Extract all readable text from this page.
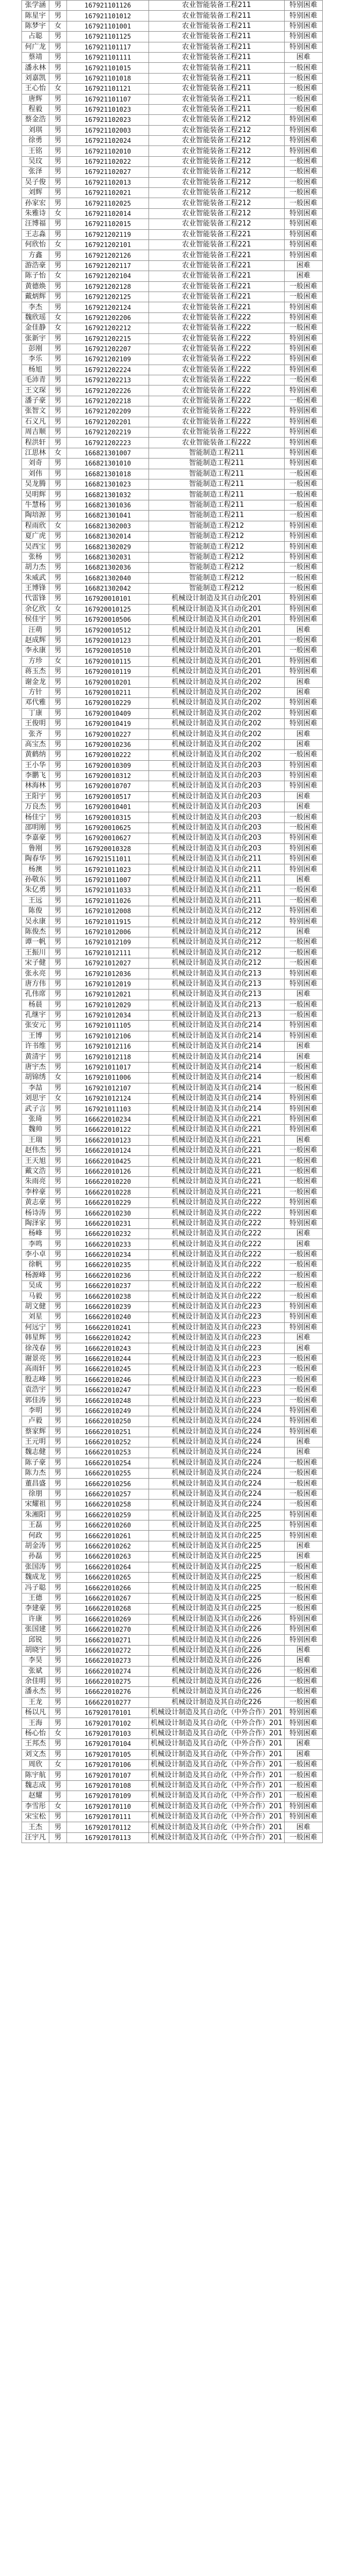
张学涵	男	167921101126	农业智能装备工程211	特别困难
陈星宇	男	167921101012	农业智能装备工程211	特别困难
陈梦宇	女	167921101001	农业智能装备工程211	特别困难
占聪	男	167921101125	农业智能装备工程211	特别困难
何广龙	男	167921101117	农业智能装备工程211	特别困难
蔡靖	男	167921101111	农业智能装备工程211	困难
潘永林	男	167921101015	农业智能装备工程211	一般困难
刘嘉凯	男	167921101018	农业智能装备工程211	一般困难
王心怡	女	167921101121	农业智能装备工程211	一般困难
唐辉	男	167921101107	农业智能装备工程211	一般困难
程毅	男	167921101023	农业智能装备工程211	一般困难
蔡金浩	男	167921102023	农业智能装备工程212	特别困难
刘琪	男	167921102003	农业智能装备工程212	特别困难
徐勇	男	167921102024	农业智能装备工程212	特别困难
王铭	男	167921102010	农业智能装备工程212	特别困难
吴玟	男	167921102022	农业智能装备工程212	一般困难
张泽	男	167921102027	农业智能装备工程212	一般困难
吴子俊	男	167921102013	农业智能装备工程212	一般困难
刘辉	男	167921102021	农业智能装备工程212	一般困难
孙家宏	男	167921102025	农业智能装备工程212	一般困难
朱雅诗	女	167921102014	农业智能装备工程212	特别困难
汪博福	男	167921102015	农业智能装备工程212	特别困难
王志淼	男	167921202119	农业智能装备工程221	特别困难
何欣怡	女	167921202101	农业智能装备工程221	特别困难
方鑫	男	167921202126	农业智能装备工程221	特别困难
游浩豪	男	167921202117	农业智能装备工程221	困难
陈子怡	女	167921202104	农业智能装备工程221	困难
黄德焕	男	167921202128	农业智能装备工程221	一般困难
戴炳辉	男	167921202125	农业智能装备工程221	一般困难
李杰	男	167921202124	农业智能装备工程221	特别困难
魏欣瑶	女	167921202206	农业智能装备工程222	特别困难
金佳静	女	167921202212	农业智能装备工程222	一般困难
张新宇	男	167921202215	农业智能装备工程222	特别困难
彭刚	男	167921202207	农业智能装备工程222	特别困难
李乐	男	167921202109	农业智能装备工程222	特别困难
杨旭	男	167921202224	农业智能装备工程222	特别困难
毛沛青	男	167921202213	农业智能装备工程222	一般困难
王文琛	男	167921202226	农业智能装备工程222	特别困难
潘子豪	男	167921202218	农业智能装备工程222	一般困难
张智文	男	167921202209	农业智能装备工程222	特别困难
石义凡	男	167921202201	农业智能装备工程222	特别困难
周吉顺	男	167921202219	农业智能装备工程222	特别困难
程洪轩	男	167921202223	农业智能装备工程222	特别困难
江思林	女	166821301007	智能制造工程211	特别困难
刘奇	男	166821301010	智能制造工程211	特别困难
刘伟	男	166821301018	智能制造工程211	一般困难
吴龙腾	男	166821301023	智能制造工程211	一般困难
吴明辉	男	166821301032	智能制造工程211	一般困难
牛慧杨	男	166821301036	智能制造工程211	一般困难
陶培源	男	166821301041	智能制造工程211	一般困难
程雨欣	女	166821302003	智能制造工程212	特别困难
夏广虎	男	166821302014	智能制造工程212	特别困难
吴西宝	男	166821302029	智能制造工程212	特别困难
张杨	男	166821302031	智能制造工程212	特别困难
胡力杰	男	166821302036	智能制造工程212	一般困难
朱威武	男	166821302040	智能制造工程212	一般困难
王博锋	男	166821302042	智能制造工程212	一般困难
代雷锋	男	167920010101	机械设计制造及其自动化201	特别困难
余亿欣	女	167920010125	机械设计制造及其自动化201	特别困难
侯佳宇	男	167920010506	机械设计制造及其自动化201	特别困难
汪萌	男	167920010512	机械设计制造及其自动化201	困难
赵成辉	男	167920010123	机械设计制造及其自动化201	一般困难
李永康	男	167920010510	机械设计制造及其自动化201	一般困难
方珍	女	167920010115	机械设计制造及其自动化201	特别困难
蒋玉杰	男	167920010119	机械设计制造及其自动化201	特别困难
谢金龙	男	167920010201	机械设计制造及其自动化202	困难
方针	男	167920010211	机械设计制造及其自动化202	困难
邓代雅	男	167920010229	机械设计制造及其自动化202	特别困难
丁康	男	167920010409	机械设计制造及其自动化202	特别困难
王俊明	男	167920010419	机械设计制造及其自动化202	特别困难
张齐	男	167920010227	机械设计制造及其自动化202	困难
高宝杰	男	167920010236	机械设计制造及其自动化202	困难
黄鹤纳	男	167920010222	机械设计制造及其自动化202	一般困难
王小华	男	167920010309	机械设计制造及其自动化203	特别困难
李鹏飞	男	167920010312	机械设计制造及其自动化203	特别困难
林海林	男	167920010707	机械设计制造及其自动化203	特别困难
王阳宇	男	167920010517	机械设计制造及其自动化203	困难
万良杰	男	167920010401	机械设计制造及其自动化203	困难
杨佳宁	男	167920010315	机械设计制造及其自动化203	一般困难
邵明刚	男	167920010625	机械设计制造及其自动化203	一般困难
李嘉豪	男	167920010627	机械设计制造及其自动化203	特别困难
鲁刚	男	167920010328	机械设计制造及其自动化203	特别困难
陶春华	男	167921511011	机械设计制造及其自动化211	特别困难
杨澳	男	167921011023	机械设计制造及其自动化211	特别困难
孙敬东	男	167921011007	机械设计制造及其自动化211	困难
朱亿勇	男	167921011033	机械设计制造及其自动化211	一般困难
王远	男	167921011026	机械设计制造及其自动化211	一般困难
陈俊	男	167921012008	机械设计制造及其自动化212	特别困难
吴永康	男	167921011915	机械设计制造及其自动化212	特别困难
陈俊杰	男	167921012006	机械设计制造及其自动化212	困难
谭一帆	男	167921012109	机械设计制造及其自动化212	一般困难
王振川	男	167921012111	机械设计制造及其自动化212	一般困难
宋子健	男	167921012027	机械设计制造及其自动化212	一般困难
张永亮	男	167921012036	机械设计制造及其自动化213	特别困难
唐方伟	男	167921012019	机械设计制造及其自动化213	特别困难
孔伟席	男	167921012021	机械设计制造及其自动化213	困难
杨晨	男	167921012029	机械设计制造及其自动化213	一般困难
孔继宇	男	167921012034	机械设计制造及其自动化213	一般困难
张安元	男	167921011105	机械设计制造及其自动化214	特别困难
王博	男	167921012106	机械设计制造及其自动化214	特别困难
许书维	男	167921012116	机械设计制造及其自动化214	困难
黄清宇	男	167921012118	机械设计制造及其自动化214	困难
唐宇杰	男	167921011017	机械设计制造及其自动化214	一般困难
胡锦绣	女	167921011006	机械设计制造及其自动化214	一般困难
李喆	男	167921012107	机械设计制造及其自动化214	一般困难
刘思宇	女	167921012124	机械设计制造及其自动化214	特别困难
武子言	男	167921011103	机械设计制造及其自动化214	特别困难
张琦	男	166622010234	机械设计制造及其自动化221	特别困难
魏帅	男	166622010122	机械设计制造及其自动化221	特别困难
王瑞	男	166622010123	机械设计制造及其自动化221	困难
赵伟杰	男	166622010124	机械设计制造及其自动化221	一般困难
王天旭	男	166622010425	机械设计制造及其自动化221	一般困难
戴文浩	男	166622010126	机械设计制造及其自动化221	一般困难
朱雨亮	男	166622010220	机械设计制造及其自动化221	一般困难
李梓豪	男	166622010228	机械设计制造及其自动化221	一般困难
黄志豪	男	166622010229	机械设计制造及其自动化222	特别困难
杨诗涛	男	166622010230	机械设计制造及其自动化222	特别困难
陶泽家	男	166622010231	机械设计制造及其自动化222	特别困难
杨峰	男	166622010232	机械设计制造及其自动化222	困难
李鸣	男	166622010233	机械设计制造及其自动化222	困难
李小卓	男	166622010234	机械设计制造及其自动化222	一般困难
徐帆	男	166622010235	机械设计制造及其自动化222	一般困难
杨源峰	男	166622010236	机械设计制造及其自动化222	一般困难
吴成	男	166622010237	机械设计制造及其自动化222	一般困难
马毅	男	166622010238	机械设计制造及其自动化222	一般困难
胡文健	男	166622010239	机械设计制造及其自动化223	特别困难
刘星	男	166622010240	机械设计制造及其自动化223	特别困难
何远宁	男	166622010241	机械设计制造及其自动化223	特别困难
韩星辉	男	166622010242	机械设计制造及其自动化223	困难
徐茂春	男	166622010243	机械设计制造及其自动化223	困难
谢景亮	男	166622010244	机械设计制造及其自动化223	一般困难
高雨轩	男	166622010245	机械设计制造及其自动化223	一般困难
殷志峰	男	166622010246	机械设计制造及其自动化223	一般困难
袁浩宇	男	166622010247	机械设计制造及其自动化223	一般困难
郭佳涛	男	166622010248	机械设计制造及其自动化223	一般困难
李明	男	166622010249	机械设计制造及其自动化224	特别困难
卢毅	男	166622010250	机械设计制造及其自动化224	特别困难
蔡家辉	男	166622010251	机械设计制造及其自动化224	特别困难
王元明	男	166622010252	机械设计制造及其自动化224	困难
魏志健	男	166622010253	机械设计制造及其自动化224	困难
陈子豪	男	166622010254	机械设计制造及其自动化224	一般困难
陈力杰	男	166622010255	机械设计制造及其自动化224	一般困难
董昌盛	男	166622010256	机械设计制造及其自动化224	一般困难
徐朋	男	166622010257	机械设计制造及其自动化224	一般困难
宋耀祖	男	166622010258	机械设计制造及其自动化224	一般困难
朱湘阳	男	166622010259	机械设计制造及其自动化225	特别困难
王磊	男	166622010260	机械设计制造及其自动化225	特别困难
何政	男	166622010261	机械设计制造及其自动化225	特别困难
胡金涛	男	166622010262	机械设计制造及其自动化225	困难
孙磊	男	166622010263	机械设计制造及其自动化225	困难
张国涛	男	166622010264	机械设计制造及其自动化225	一般困难
魏成龙	男	166622010265	机械设计制造及其自动化225	一般困难
冯子聪	男	166622010266	机械设计制造及其自动化225	一般困难
王德	男	166622010267	机械设计制造及其自动化225	一般困难
李建豪	男	166622010268	机械设计制造及其自动化225	一般困难
许康	男	166622010269	机械设计制造及其自动化226	特别困难
张国建	男	166622010270	机械设计制造及其自动化226	特别困难
邱锐	男	166622010271	机械设计制造及其自动化226	特别困难
胡晓宇	男	166622010272	机械设计制造及其自动化226	困难
李昊	男	166622010273	机械设计制造及其自动化226	困难
张斌	男	166622010274	机械设计制造及其自动化226	一般困难
余佳明	男	166622010275	机械设计制造及其自动化226	一般困难
潘永杰	男	166622010276	机械设计制造及其自动化226	一般困难
王龙	男	166622010277	机械设计制造及其自动化226	一般困难
杨以凡	男	167920170101	机械设计制造及其自动化（中外合作）201	特别困难
王海	男	167920170102	机械设计制造及其自动化（中外合作）201	特别困难
杨心怡	女	167920170103	机械设计制造及其自动化（中外合作）201	特别困难
王邦杰	男	167920170104	机械设计制造及其自动化（中外合作）201	困难
刘文杰	男	167920170105	机械设计制造及其自动化（中外合作）201	困难
周欣	女	167920170106	机械设计制造及其自动化（中外合作）201	一般困难
陈宇航	男	167920170107	机械设计制造及其自动化（中外合作）201	一般困难
魏志成	男	167920170108	机械设计制造及其自动化（中外合作）201	一般困难
赵耀	男	167920170109	机械设计制造及其自动化（中外合作）201	一般困难
李雪彤	女	167920170110	机械设计制造及其自动化（中外合作）201	特别困难
宋宝松	男	167920170111	机械设计制造及其自动化（中外合作）201	特别困难
王杰	男	167920170112	机械设计制造及其自动化（中外合作）201	困难
汪宇凡	男	167920170113	机械设计制造及其自动化（中外合作）201	一般困难
